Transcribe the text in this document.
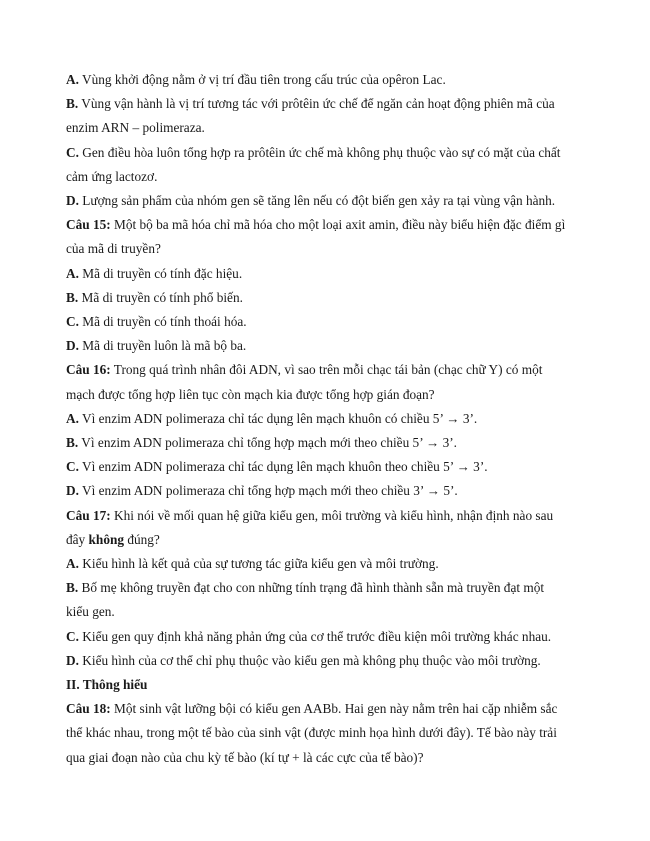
A. Vùng khởi động nằm ở vị trí đầu tiên trong cấu trúc của opêron Lac.

B. Vùng vận hành là vị trí tương tác với prôtêin ức chế để ngăn cản hoạt động phiên mã của

enzim ARN – polimeraza.

C. Gen điều hòa luôn tổng hợp ra prôtêin ức chế mà không phụ thuộc vào sự có mặt của chất

cảm ứng lactozơ.

D. Lượng sản phẩm của nhóm gen sẽ tăng lên nếu có đột biến gen xảy ra tại vùng vận hành.

Câu 15: Một bộ ba mã hóa chỉ mã hóa cho một loại axit amin, điều này biểu hiện đặc điểm gì

của mã di truyền?

A. Mã di truyền có tính đặc hiệu.

B. Mã di truyền có tính phổ biến.

C. Mã di truyền có tính thoái hóa.

D. Mã di truyền luôn là mã bộ ba.

Câu 16: Trong quá trình nhân đôi ADN, vì sao trên mỗi chạc tái bản (chạc chữ Y) có một

mạch được tổng hợp liên tục còn mạch kia được tổng hợp gián đoạn?

A. Vì enzim ADN polimeraza chỉ tác dụng lên mạch khuôn có chiều 5’ → 3’.

B. Vì enzim ADN polimeraza chỉ tổng hợp mạch mới theo chiều 5’ → 3’.

C. Vì enzim ADN polimeraza chỉ tác dụng lên mạch khuôn theo chiều 5’ → 3’.

D. Vì enzim ADN polimeraza chỉ tổng hợp mạch mới theo chiều 3’ → 5’.

Câu 17: Khi nói về mối quan hệ giữa kiểu gen, môi trường và kiểu hình, nhận định nào sau

đây không đúng?

A. Kiểu hình là kết quả của sự tương tác giữa kiểu gen và môi trường.

B. Bố mẹ không truyền đạt cho con những tính trạng đã hình thành sẵn mà truyền đạt một

kiểu gen.

C. Kiểu gen quy định khả năng phản ứng của cơ thể trước điều kiện môi trường khác nhau.

D. Kiểu hình của cơ thể chỉ phụ thuộc vào kiểu gen mà không phụ thuộc vào môi trường.

II. Thông hiểu

Câu 18: Một sinh vật lưỡng bội có kiểu gen AABb. Hai gen này nằm trên hai cặp nhiễm sắc

thể khác nhau, trong một tế bào của sinh vật (được minh họa hình dưới đây). Tế bào này trải

qua giai đoạn nào của chu kỳ tế bào (kí tự + là các cực của tế bào)?
